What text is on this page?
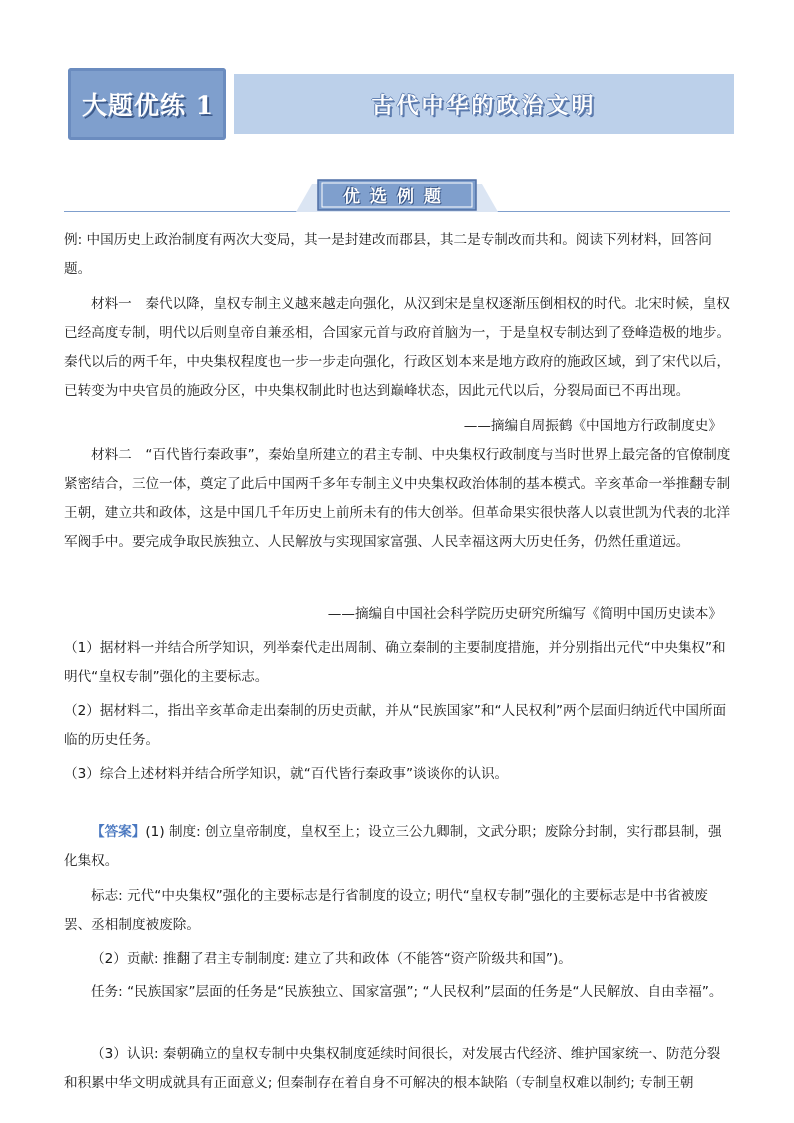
大题优练 1	古代中华的政治文明
优选例题

例: 中国历史上政治制度有两次大变局，其一是封建改而郡县，其二是专制改而共和。阅读下列材料，回答问题。

材料一　秦代以降，皇权专制主义越来越走向强化，从汉到宋是皇权逐渐压倒相权的时代。北宋时候，皇权已经高度专制，明代以后则皇帝自兼丞相，合国家元首与政府首脑为一，于是皇权专制达到了登峰造极的地步。秦代以后的两千年，中央集权程度也一步一步走向强化，行政区划本来是地方政府的施政区域，到了宋代以后，已转变为中央官员的施政分区，中央集权制此时也达到巅峰状态，因此元代以后，分裂局面已不再出现。

——摘编自周振鹤《中国地方行政制度史》

材料二　“百代皆行秦政事”，秦始皇所建立的君主专制、中央集权行政制度与当时世界上最完备的官僚制度紧密结合，三位一体，奠定了此后中国两千多年专制主义中央集权政治体制的基本模式。辛亥革命一举推翻专制王朝，建立共和政体，这是中国几千年历史上前所未有的伟大创举。但革命果实很快落人以袁世凯为代表的北洋军阀手中。要完成争取民族独立、人民解放与实现国家富强、人民幸福这两大历史任务，仍然任重道远。

——摘编自中国社会科学院历史研究所编写《简明中国历史读本》

（1）据材料一并结合所学知识，列举秦代走出周制、确立秦制的主要制度措施，并分别指出元代“中央集权”和明代“皇权专制”强化的主要标志。

（2）据材料二，指出辛亥革命走出秦制的历史贡献，并从“民族国家”和“人民权利”两个层面归纳近代中国所面临的历史任务。

（3）综合上述材料并结合所学知识，就“百代皆行秦政事”谈谈你的认识。

【答案】(1) 制度: 创立皇帝制度，皇权至上；设立三公九卿制，文武分职；废除分封制，实行郡县制，强化集权。

标志: 元代“中央集权”强化的主要标志是行省制度的设立; 明代“皇权专制”强化的主要标志是中书省被废罢、丞相制度被废除。

（2）贡献: 推翻了君主专制制度: 建立了共和政体（不能答“资产阶级共和国”)。

任务: “民族国家”层面的任务是“民族独立、国家富强”; “人民权利”层面的任务是“人民解放、自由幸福”。

（3）认识: 秦朝确立的皇权专制中央集权制度延续时间很长，对发展古代经济、维护国家统一、防范分裂和积累中华文明成就具有正面意义; 但秦制存在着自身不可解决的根本缺陷（专制皇权难以制约; 专制王朝
